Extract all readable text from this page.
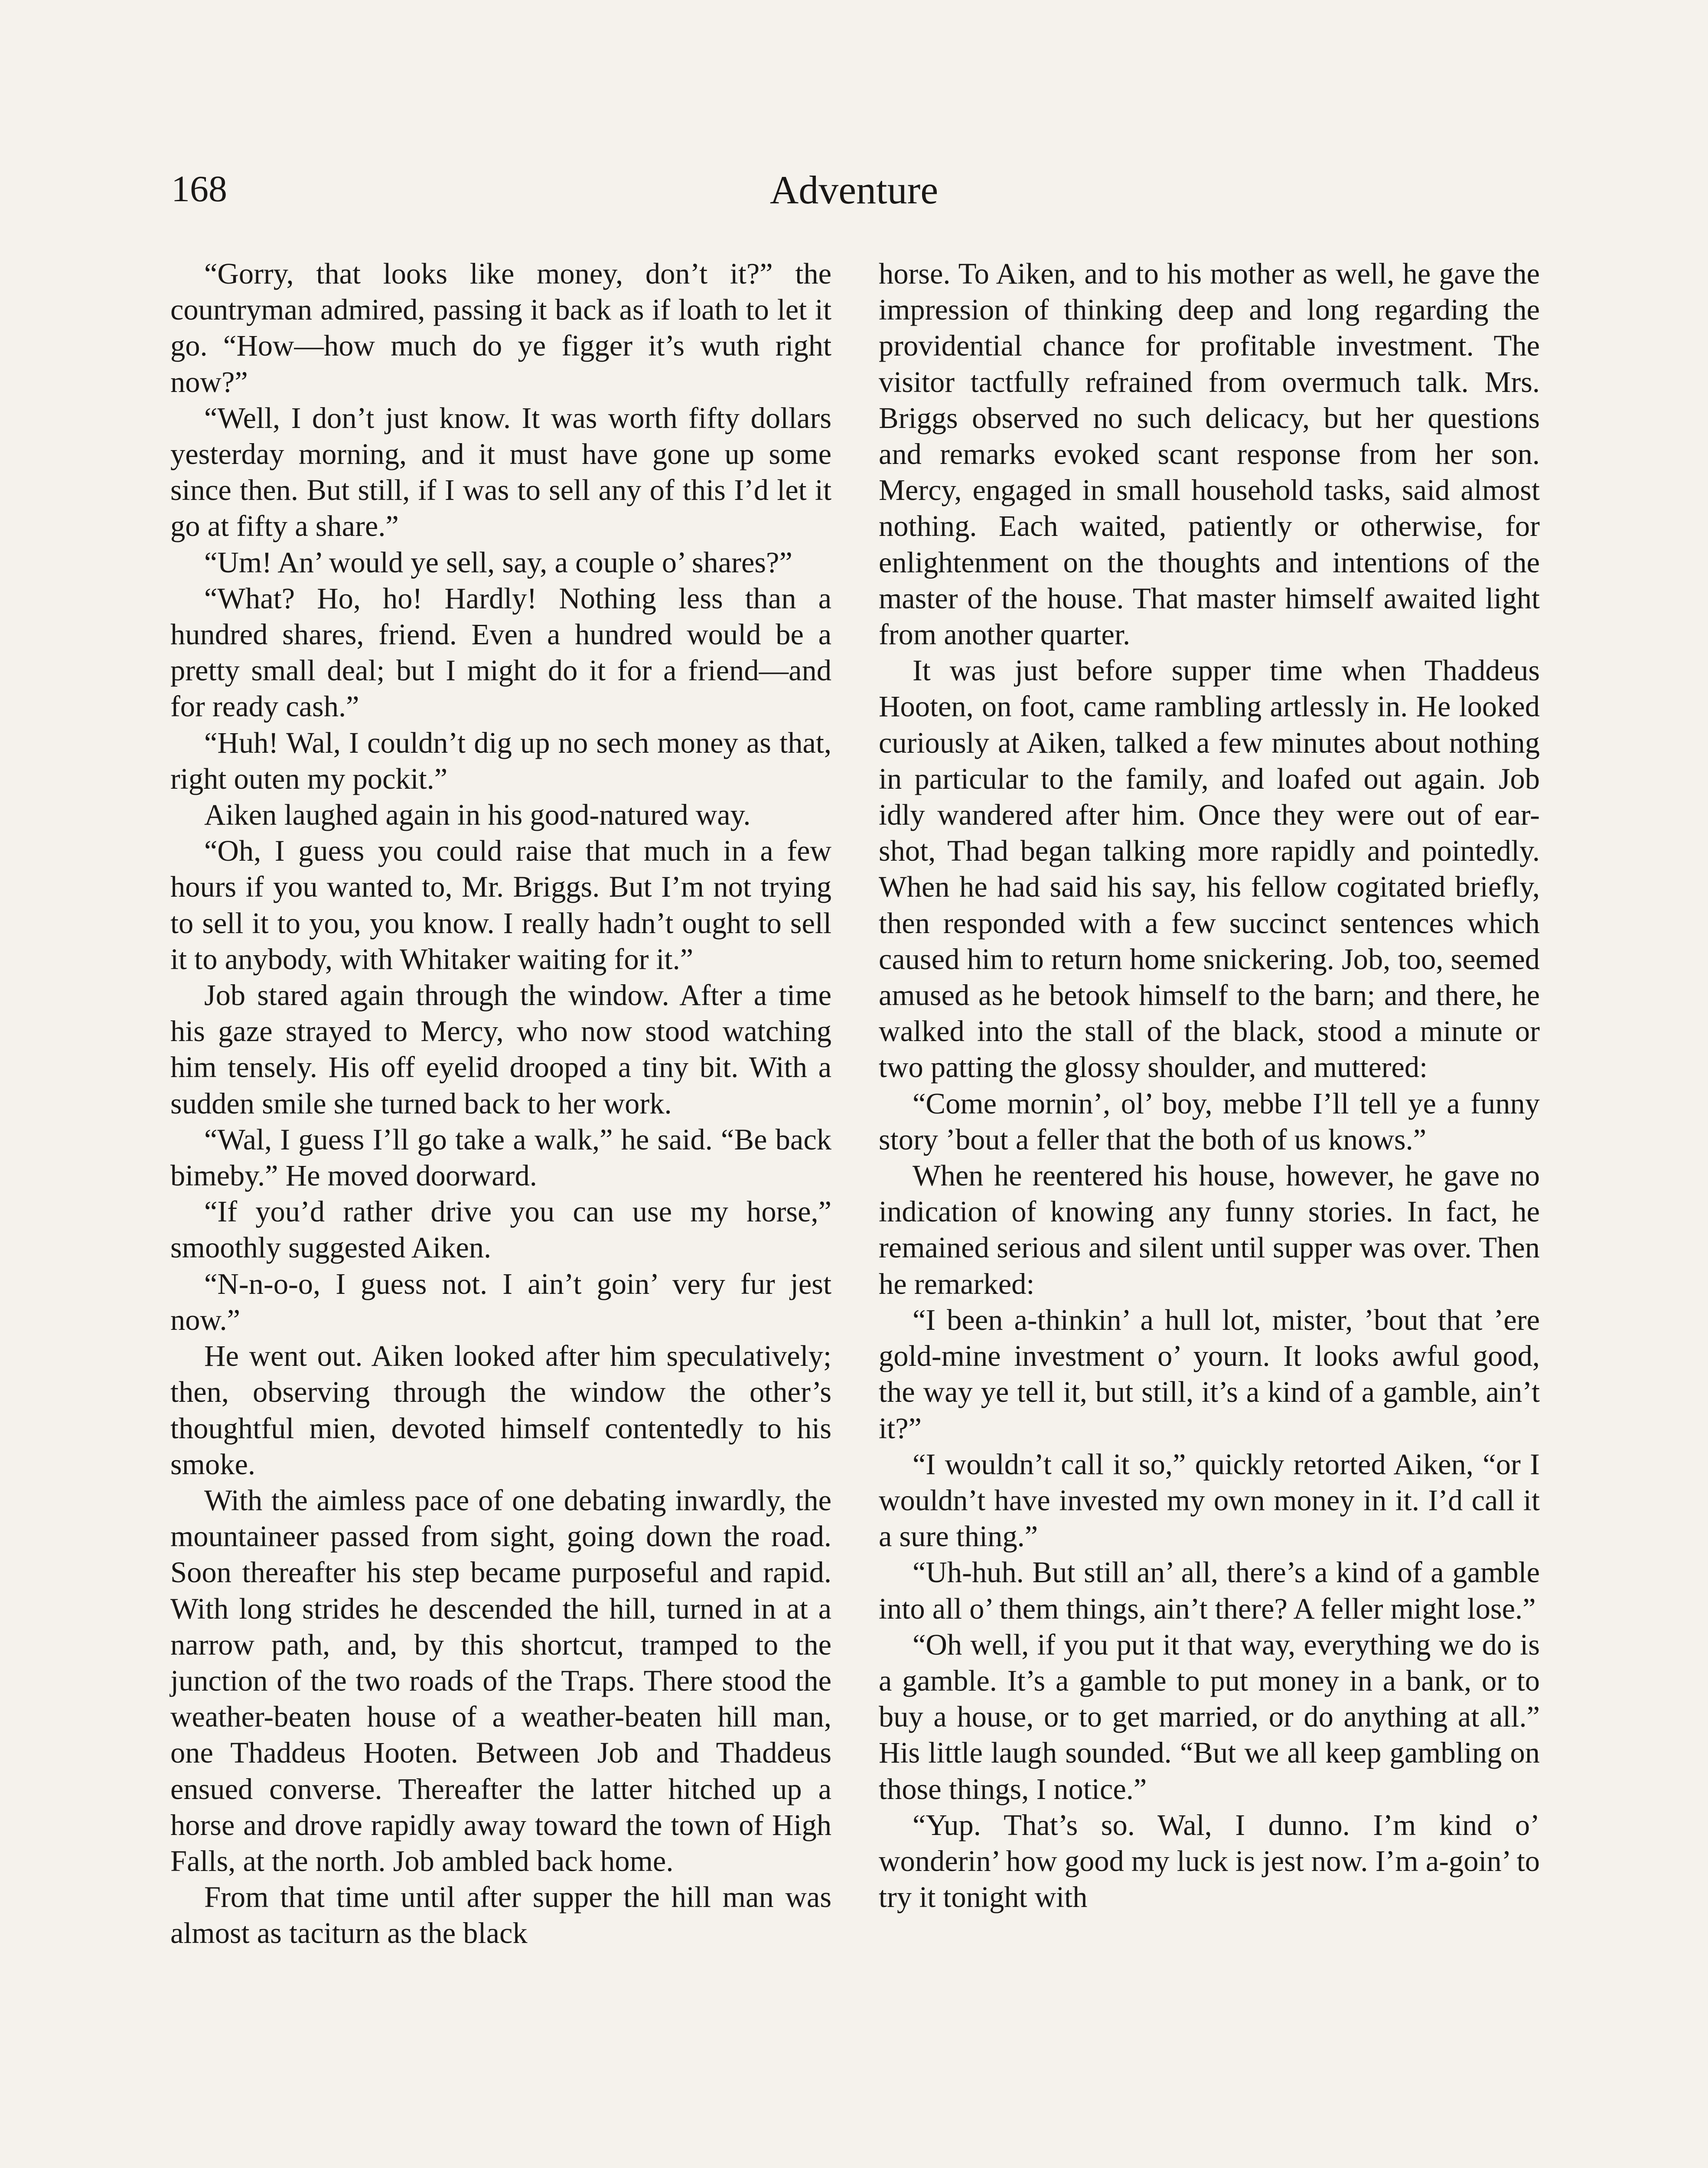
168	Adventure

“Gorry, that looks like money, don’t it?” the countryman admired, passing it back as if loath to let it go. “How—how much do ye figger it’s wuth right now?”

“Well, I don’t just know. It was worth fifty dollars yesterday morning, and it must have gone up some since then. But still, if I was to sell any of this I’d let it go at fifty a share.”

“Um! An’ would ye sell, say, a couple o’ shares?”

“What? Ho, ho! Hardly! Nothing less than a hundred shares, friend. Even a hundred would be a pretty small deal; but I might do it for a friend—and for ready cash.”

“Huh! Wal, I couldn’t dig up no sech money as that, right outen my pockit.”

Aiken laughed again in his good-natured way.

“Oh, I guess you could raise that much in a few hours if you wanted to, Mr. Briggs. But I’m not trying to sell it to you, you know. I really hadn’t ought to sell it to anybody, with Whitaker waiting for it.”

Job stared again through the window. After a time his gaze strayed to Mercy, who now stood watching him tensely. His off eyelid drooped a tiny bit. With a sudden smile she turned back to her work.

“Wal, I guess I’ll go take a walk,” he said. “Be back bimeby.” He moved doorward.

“If you’d rather drive you can use my horse,” smoothly suggested Aiken.

“N-n-o-o, I guess not. I ain’t goin’ very fur jest now.”

He went out. Aiken looked after him speculatively; then, observing through the window the other’s thoughtful mien, devoted himself contentedly to his smoke.

With the aimless pace of one debating inwardly, the mountaineer passed from sight, going down the road. Soon thereafter his step became purposeful and rapid. With long strides he descended the hill, turned in at a narrow path, and, by this shortcut, tramped to the junction of the two roads of the Traps. There stood the weather-beaten house of a weather-beaten hill man, one Thaddeus Hooten. Between Job and Thaddeus ensued converse. Thereafter the latter hitched up a horse and drove rapidly away toward the town of High Falls, at the north. Job ambled back home.

From that time until after supper the hill man was almost as taciturn as the black

horse. To Aiken, and to his mother as well, he gave the impression of thinking deep and long regarding the providential chance for profitable investment. The visitor tactfully refrained from overmuch talk. Mrs. Briggs observed no such delicacy, but her questions and remarks evoked scant response from her son. Mercy, engaged in small household tasks, said almost nothing. Each waited, patiently or otherwise, for enlightenment on the thoughts and intentions of the master of the house. That master himself awaited light from another quarter.

It was just before supper time when Thaddeus Hooten, on foot, came rambling artlessly in. He looked curiously at Aiken, talked a few minutes about nothing in particular to the family, and loafed out again. Job idly wandered after him. Once they were out of ear-shot, Thad began talking more rapidly and pointedly. When he had said his say, his fellow cogitated briefly, then responded with a few succinct sentences which caused him to return home snickering. Job, too, seemed amused as he betook himself to the barn; and there, he walked into the stall of the black, stood a minute or two patting the glossy shoulder, and muttered:

“Come mornin’, ol’ boy, mebbe I’ll tell ye a funny story ’bout a feller that the both of us knows.”

When he reentered his house, however, he gave no indication of knowing any funny stories. In fact, he remained serious and silent until supper was over. Then he remarked:

“I been a-thinkin’ a hull lot, mister, ’bout that ’ere gold-mine investment o’ yourn. It looks awful good, the way ye tell it, but still, it’s a kind of a gamble, ain’t it?”

“I wouldn’t call it so,” quickly retorted Aiken, “or I wouldn’t have invested my own money in it. I’d call it a sure thing.”

“Uh-huh. But still an’ all, there’s a kind of a gamble into all o’ them things, ain’t there? A feller might lose.”

“Oh well, if you put it that way, everything we do is a gamble. It’s a gamble to put money in a bank, or to buy a house, or to get married, or do anything at all.” His little laugh sounded. “But we all keep gambling on those things, I notice.”

“Yup. That’s so. Wal, I dunno. I’m kind o’ wonderin’ how good my luck is jest now. I’m a-goin’ to try it tonight with
